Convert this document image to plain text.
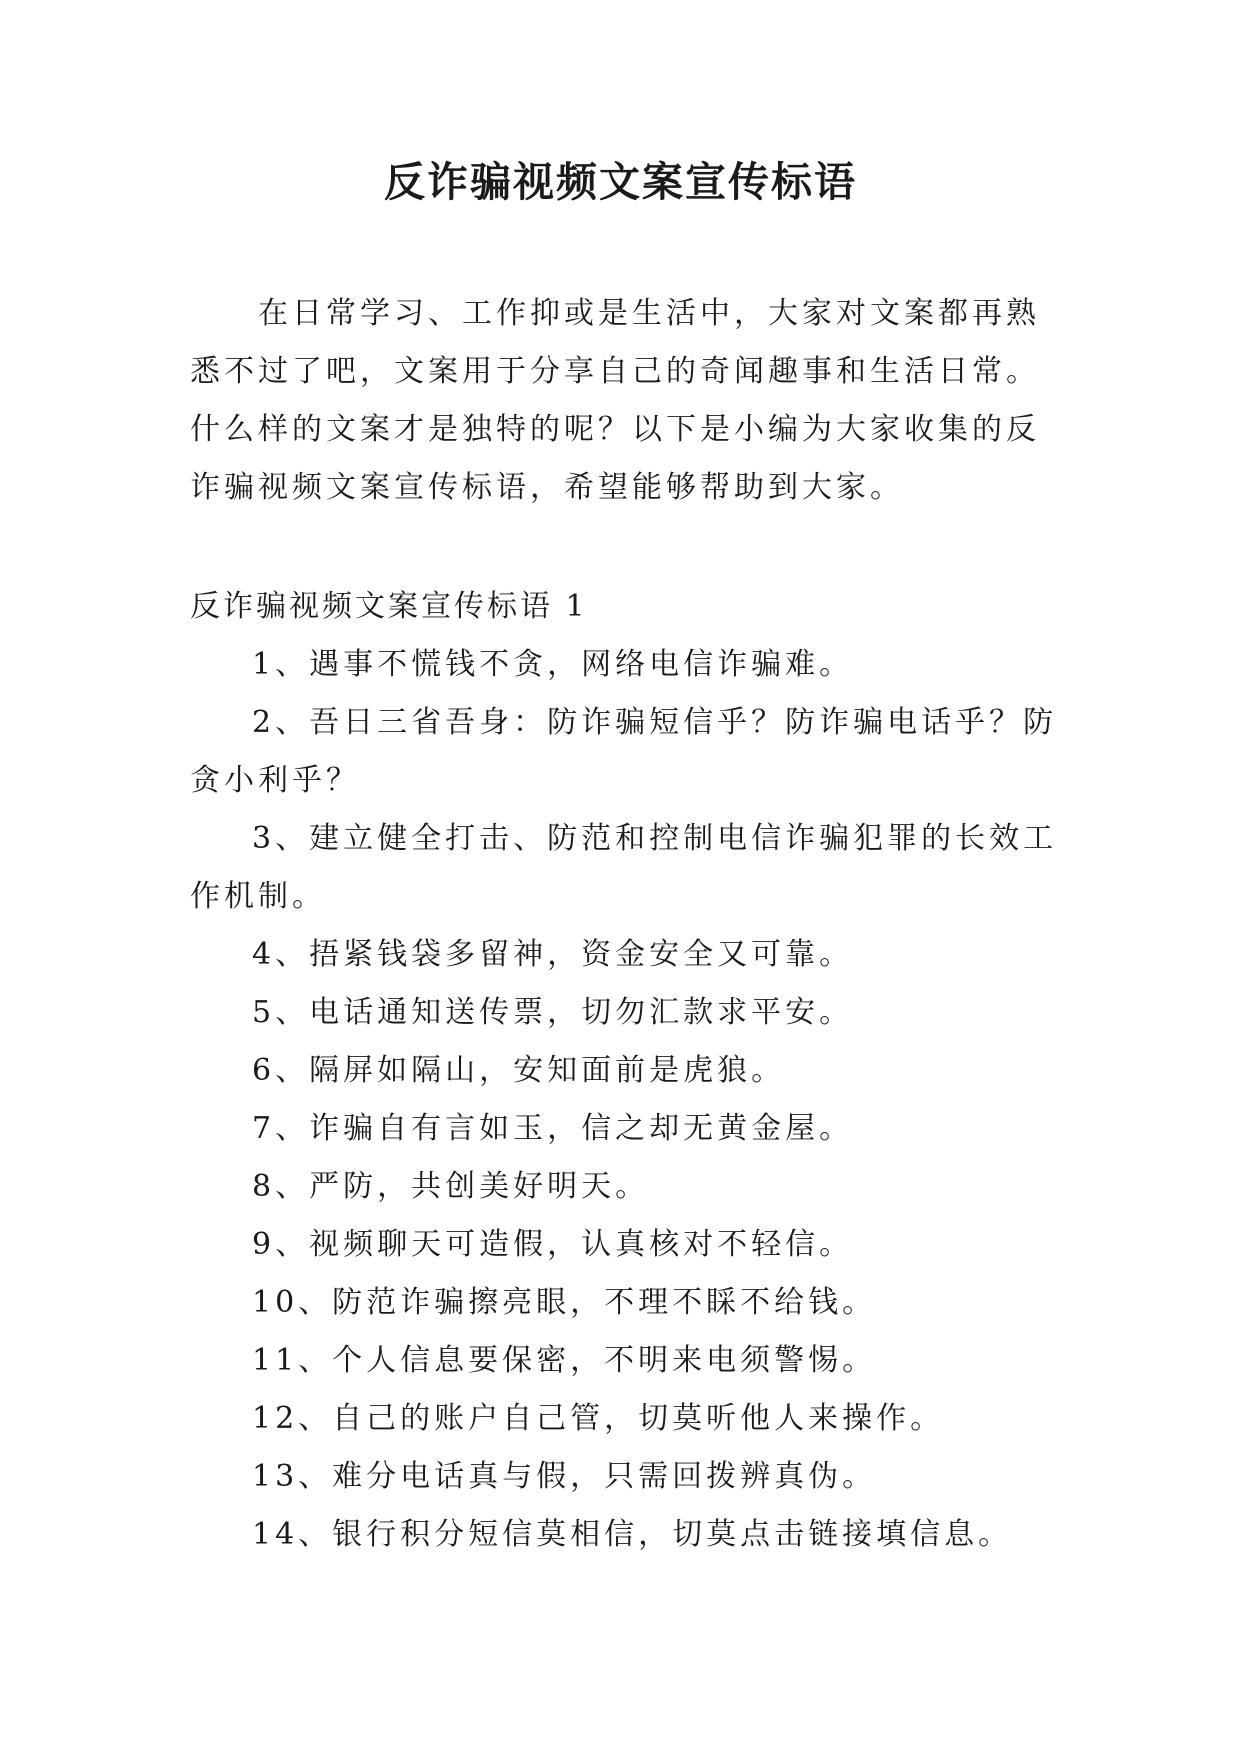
反诈骗视频文案宣传标语
在日常学习、工作抑或是生活中，大家对文案都再熟悉不过了吧，文案用于分享自己的奇闻趣事和生活日常。什么样的文案才是独特的呢？以下是小编为大家收集的反诈骗视频文案宣传标语，希望能够帮助到大家。
反诈骗视频文案宣传标语 1
1、遇事不慌钱不贪，网络电信诈骗难。
2、吾日三省吾身：防诈骗短信乎？防诈骗电话乎？防贪小利乎？
3、建立健全打击、防范和控制电信诈骗犯罪的长效工作机制。
4、捂紧钱袋多留神，资金安全又可靠。
5、电话通知送传票，切勿汇款求平安。
6、隔屏如隔山，安知面前是虎狼。
7、诈骗自有言如玉，信之却无黄金屋。
8、严防，共创美好明天。
9、视频聊天可造假，认真核对不轻信。
10、防范诈骗擦亮眼，不理不睬不给钱。
11、个人信息要保密，不明来电须警惕。
12、自己的账户自己管，切莫听他人来操作。
13、难分电话真与假，只需回拨辨真伪。
14、银行积分短信莫相信，切莫点击链接填信息。
